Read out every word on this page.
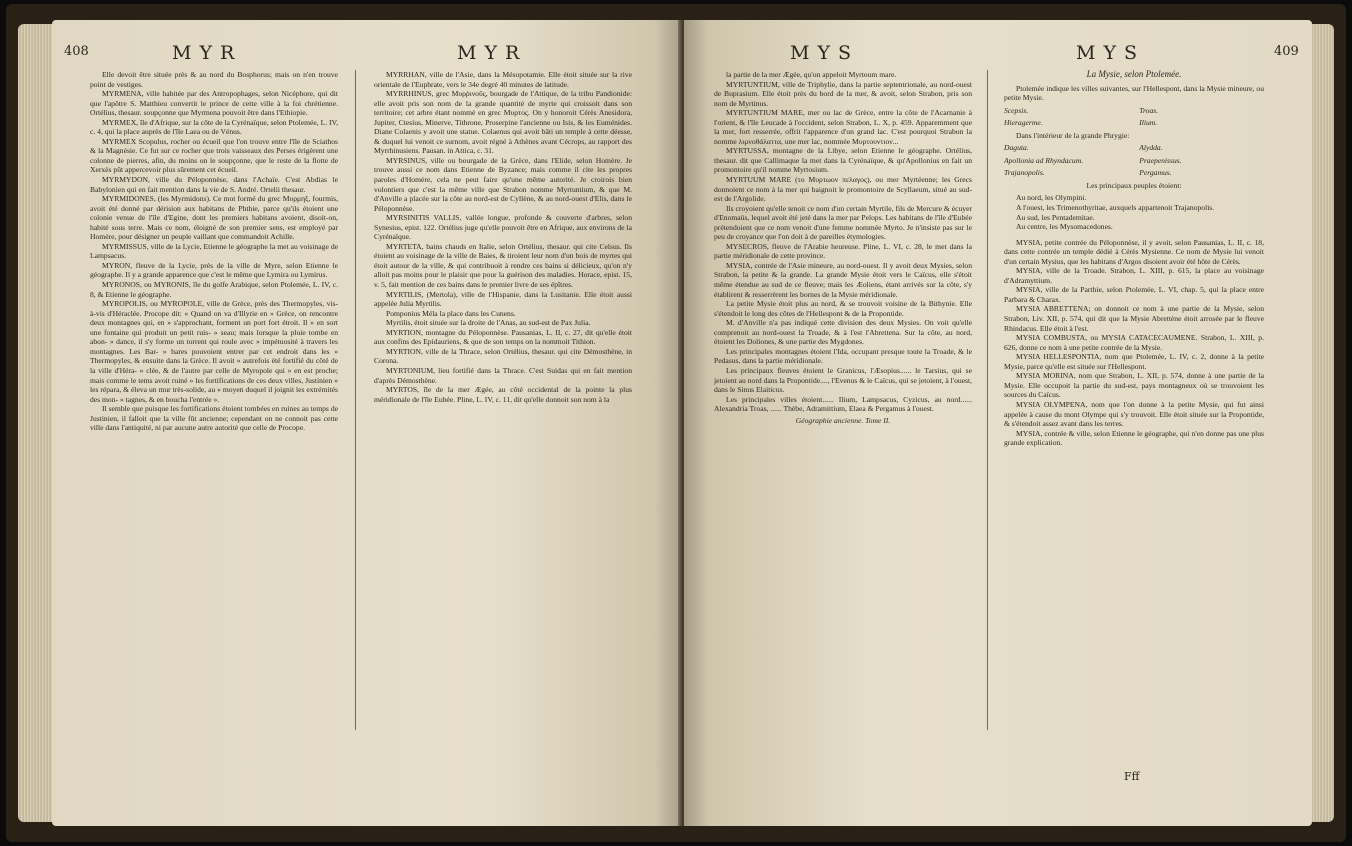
408	MYR	MYR

Elle devoit être située près & au nord du Bosphorus; mais on n'en trouve point de vestiges.

MYRMENA, ville habitée par des Antropophages, selon Nicéphore, qui dit que l'apôtre S. Matthieu convertit le prince de cette ville à la foi chrétienne. Ortélius, thesaur. soupçonne que Myrmena pouvoit être dans l'Ethiopie.

MYRMEX, île d'Afrique, sur la côte de la Cyrénaïque, selon Ptolemée, L. IV, c. 4, qui la place auprès de l'île Laea ou de Vénus.

MYRMEX Scopulus, rocher ou écueil que l'on trouve entre l'île de Sciathos & la Magnésie. Ce fut sur ce rocher que trois vaisseaux des Perses érigèrent une colonne de pierres, afin, du moins on le soupçonne, que le reste de la flotte de Xerxès pût appercevoir plus sûrement cet écueil.

MYRMYDON, ville du Péloponnèse, dans l'Achaïe. C'est Abdias le Babylonien qui en fait mention dans la vie de S. André. Ortelii thesaur.

MYRMIDONES, (les Myrmidons). Ce mot formé du grec Μυρμηξ, fourmis, avoit été donné par dérision aux habitans de Phthie, parce qu'ils étoient une colonie venue de l'île d'Egine, dont les premiers habitans avoient, disoit-on, habité sous terre. Mais ce nom, éloigné de son premier sens, est employé par Homère, pour désigner un peuple vaillant que commandoit Achille.

MYRMISSUS, ville de la Lycie, Etienne le géographe la met au voisinage de Lampsacus.

MYRON, fleuve de la Lycie, près de la ville de Myre, selon Etienne le géographe. Il y a grande apparence que c'est le même que Lymira ou Lymirus.

MYRONOS, ou MYRONIS, île du golfe Arabique, selon Ptolemée, L. IV, c. 8, & Etienne le géographe.

MYROPOLIS, ou MYROPOLE, ville de Grèce, près des Thermopyles, vis-à-vis d'Héraclée. Procope dit: « Quand on va d'Illyrie en » Grèce, on rencontre deux montagnes qui, en » s'approchant, forment un port fort étroit. Il » en sort une fontaine qui produit un petit ruis- » seau; mais lorsque la pluie tombe en abon- » dance, il s'y forme un torrent qui roule avec » impétuosité à travers les montagnes. Les Bar- » bares pouvoient entrer par cet endroit dans les » Thermopyles, & ensuite dans la Grèce. Il avoit » autrefois été fortifié du côté de la ville d'Héra- » clée, & de l'autre par celle de Myropole qui » en est proche; mais comme le tems avoit ruiné » les fortifications de ces deux villes, Justinien » les répara, & éleva un mur très-solide, au » moyen duquel il joignit les extrémités des mon- » tagnes, & en boucha l'entrée ».

Il semble que puisque les fortifications étoient tombées en ruines au temps de Justinien, il falloit que la ville fût ancienne; cependant on ne connoit pas cette ville dans l'antiquité, ni par aucune autre autorité que celle de Procope.

MYRRHAN, ville de l'Asie, dans la Mésopotamie. Elle étoit située sur la rive orientale de l'Euphrate, vers le 34e degré 40 minutes de latitude.

MYRRHINUS, grec Μυρῥινοῦς, bourgade de l'Attique, de la tribu Pandionide: elle avoit pris son nom de la grande quantité de myrte qui croissoit dans son territoire; cet arbre étant nommé en grec Μυρτος. On y honoroit Cérès Anesidora, Jupiter, Ctesius, Minerve, Tithrone, Proserpine l'ancienne ou Isis, & les Euménides. Diane Colaenis y avoit une statue. Colaenus qui avoit bâti un temple à cette déesse, & duquel lui venoit ce surnom, avoit régné à Athènes avant Cécrops, au rapport des Myrrhinusiens. Pausan. in Attica, c. 31.

MYRSINUS, ville ou bourgade de la Grèce, dans l'Elide, selon Homère. Je trouve aussi ce nom dans Etienne de Byzance; mais comme il cite les propres paroles d'Homère, cela ne peut faire qu'une même autorité. Je croirois bien volontiers que c'est la même ville que Strabon nomme Myrtuntium, & que M. d'Anville a placée sur la côte au nord-est de Cyllène, & au nord-ouest d'Elis, dans le Péloponnèse.

MYRSINITIS VALLIS, vallée longue, profonde & couverte d'arbres, selon Synesius, epist. 122. Ortélius juge qu'elle pouvoit être en Afrique, aux environs de la Cyrénaïque.

MYRTETA, bains chauds en Italie, selon Ortélius, thesaur. qui cite Celsus. Ils étoient au voisinage de la ville de Baies, & tiroient leur nom d'un bois de myrtes qui étoit autour de la ville, & qui contribuoit à rendre ces bains si délicieux, qu'on n'y alloit pas moins pour le plaisir que pour la guérison des maladies. Horace, epist. 15, v. 5, fait mention de ces bains dans le premier livre de ses épîtres.

MYRTILIS, (Mertola), ville de l'Hispanie, dans la Lusitanie. Elle étoit aussi appelée Julia Myrtilis.

Pomponius Méla la place dans les Cunens.

Myrtilis, étoit située sur la droite de l'Anas, au sud-est de Pax Julia.

MYRTION, montagne du Péloponnèse. Pausanias, L. II, c. 27, dit qu'elle étoit aux confins des Epidauriens, & que de son temps on la nommoit Tithion.

MYRTION, ville de la Thrace, selon Ortélius, thesaur. qui cite Démosthène, in Corona.

MYRTONIUM, lieu fortifié dans la Thrace. C'est Suidas qui en fait mention d'après Démosthène.

MYRTOS, île de la mer Ægée, au côté occidental de la pointe la plus méridionale de l'île Eubée. Pline, L. IV, c. 11, dit qu'elle donnoit son nom à la

MYS	MYS	409

la partie de la mer Ægée, qu'on appeloit Myrtoum mare.

MYRTUNTIUM, ville de Triphylie, dans la partie septentrionale, au nord-ouest de Buprasium. Elle étoit près du bord de la mer, & avoit, selon Strabon, pris son nom de Myrtinus.

MYRTUNTIUM MARE, mer ou lac de Grèce, entre la côte de l'Acarnanie à l'orient, & l'île Leucade à l'occident, selon Strabon, L. X, p. 459. Apparemment que la mer, fort resserrée, offrit l'apparence d'un grand lac. C'est pourquoi Strabon la nomme λιμνοθάλαττα, une mer lac, nommée Μυρτουντιον...

MYRTUSSA, montagne de la Libye, selon Etienne le géographe. Ortélius, thesaur. dit que Callimaque la met dans la Cyrénaïque, & qu'Apollonius en fait un promontoire qu'il nomme Myrtosium.

MYRTUUM MARE (το Μυρτωον πελαγος), ou mer Myrtéenne; les Grecs donnoient ce nom à la mer qui baignoit le promontoire de Scyllaeum, situé au sud-est de l'Argolide.

Ils croyoient qu'elle tenoit ce nom d'un certain Myrtile, fils de Mercure & écuyer d'Enomaüs, lequel avoit été jeté dans la mer par Pelops. Les habitans de l'île d'Eubée prétendoient que ce nom venoit d'une femme nommée Myrto. Je n'insiste pas sur le peu de croyance que l'on doit à de pareilles étymologies.

MYSECROS, fleuve de l'Arabie heureuse. Pline, L. VI, c. 28, le met dans la partie méridionale de cette province.

MYSIA, contrée de l'Asie mineure, au nord-ouest. Il y avoit deux Mysies, selon Strabon, la petite & la grande. La grande Mysie étoit vers le Caïcus, elle s'étoit même étendue au sud de ce fleuve; mais les Æoliens, étant arrivés sur la côte, s'y établirent & resserrèrent les bornes de la Mysie méridionale.

La petite Mysie étoit plus au nord, & se trouvoit voisine de la Bithynie. Elle s'étendoit le long des côtes de l'Hellespont & de la Propontide.

M. d'Anville n'a pas indiqué cette division des deux Mysies. On voit qu'elle comprenoit au nord-ouest la Troade, & à l'est l'Abrettena. Sur la côte, au nord, étoient les Doliones, & une partie des Mygdones.

Les principales montagnes étoient l'Ida, occupant presque toute la Troade, & le Pedasus, dans la partie méridionale.

Les principaux fleuves étoient le Granicus, l'Æsopius...... le Tarsius, qui se jetoient au nord dans la Propontide...., l'Evenus & le Caïcus, qui se jetoient, à l'ouest, dans le Sinus Elaiticus.

Les principales villes étoient...... Ilium, Lampsacus, Cyzicus, au nord...... Alexandria Troas, ...... Thèbe, Adramittium, Elaea & Pergamus à l'ouest.

Géographie ancienne. Tome II.

La Mysie, selon Ptolemée.

Ptolemée indique les villes suivantes, sur l'Hellespont, dans la Mysie mineure, ou petite Mysie.

Scepsis.	Troas.
Hieragerme.	Ilium.

Dans l'intérieur de la grande Phrygie:

Daguta.	Alydda.
Apollonia ad Rhyndacum.	Praepenissus.
Trajanopolis.	Pergamus.

Les principaux peuples étoient:

Au nord, les Olympini.

A l'ouest, les Trimenothyritae, auxquels appartenoit Trajanopolis.

Au sud, les Pentademitae.

Au centre, les Mysomacedones.

MYSIA, petite contrée du Péloponnèse, il y avoit, selon Pausanias, L. II, c. 18, dans cette contrée un temple dédié à Cérès Mysienne. Ce nom de Mysie lui venoit d'un certain Mysius, que les habitans d'Argos disoient avoir été hôte de Cérès.

MYSIA, ville de la Troade. Strabon, L. XIII, p. 615, la place au voisinage d'Adramyttium.

MYSIA, ville de la Parthie, selon Ptolemée, L. VI, chap. 5, qui la place entre Parbara & Charax.

MYSIA ABRETTENA; on donnoit ce nom à une partie de la Mysie, selon Strabon, Liv. XII, p. 574, qui dit que la Mysie Abrettène étoit arrosée par le fleuve Rhindacus. Elle étoit à l'est.

MYSIA COMBUSTA, ou MYSIA CATACECAUMENE. Strabon, L. XIII, p. 626, donne ce nom à une petite contrée de la Mysie.

MYSIA HELLESPONTIA, nom que Ptolemée, L. IV, c. 2, donne à la petite Mysie, parce qu'elle est située sur l'Hellespont.

MYSIA MORINA, nom que Strabon, L. XII, p. 574, donne à une partie de la Mysie. Elle occupoit la partie du sud-est, pays montagneux où se trouvoient les sources du Caïcus.

MYSIA OLYMPENA, nom que l'on donne à la petite Mysie, qui fut ainsi appelée à cause du mont Olympe qui s'y trouvoit. Elle étoit située sur la Propontide, & s'étendoit assez avant dans les terres.

MYSIA, contrée & ville, selon Etienne le géographe, qui n'en donne pas une plus grande explication.

Fff
